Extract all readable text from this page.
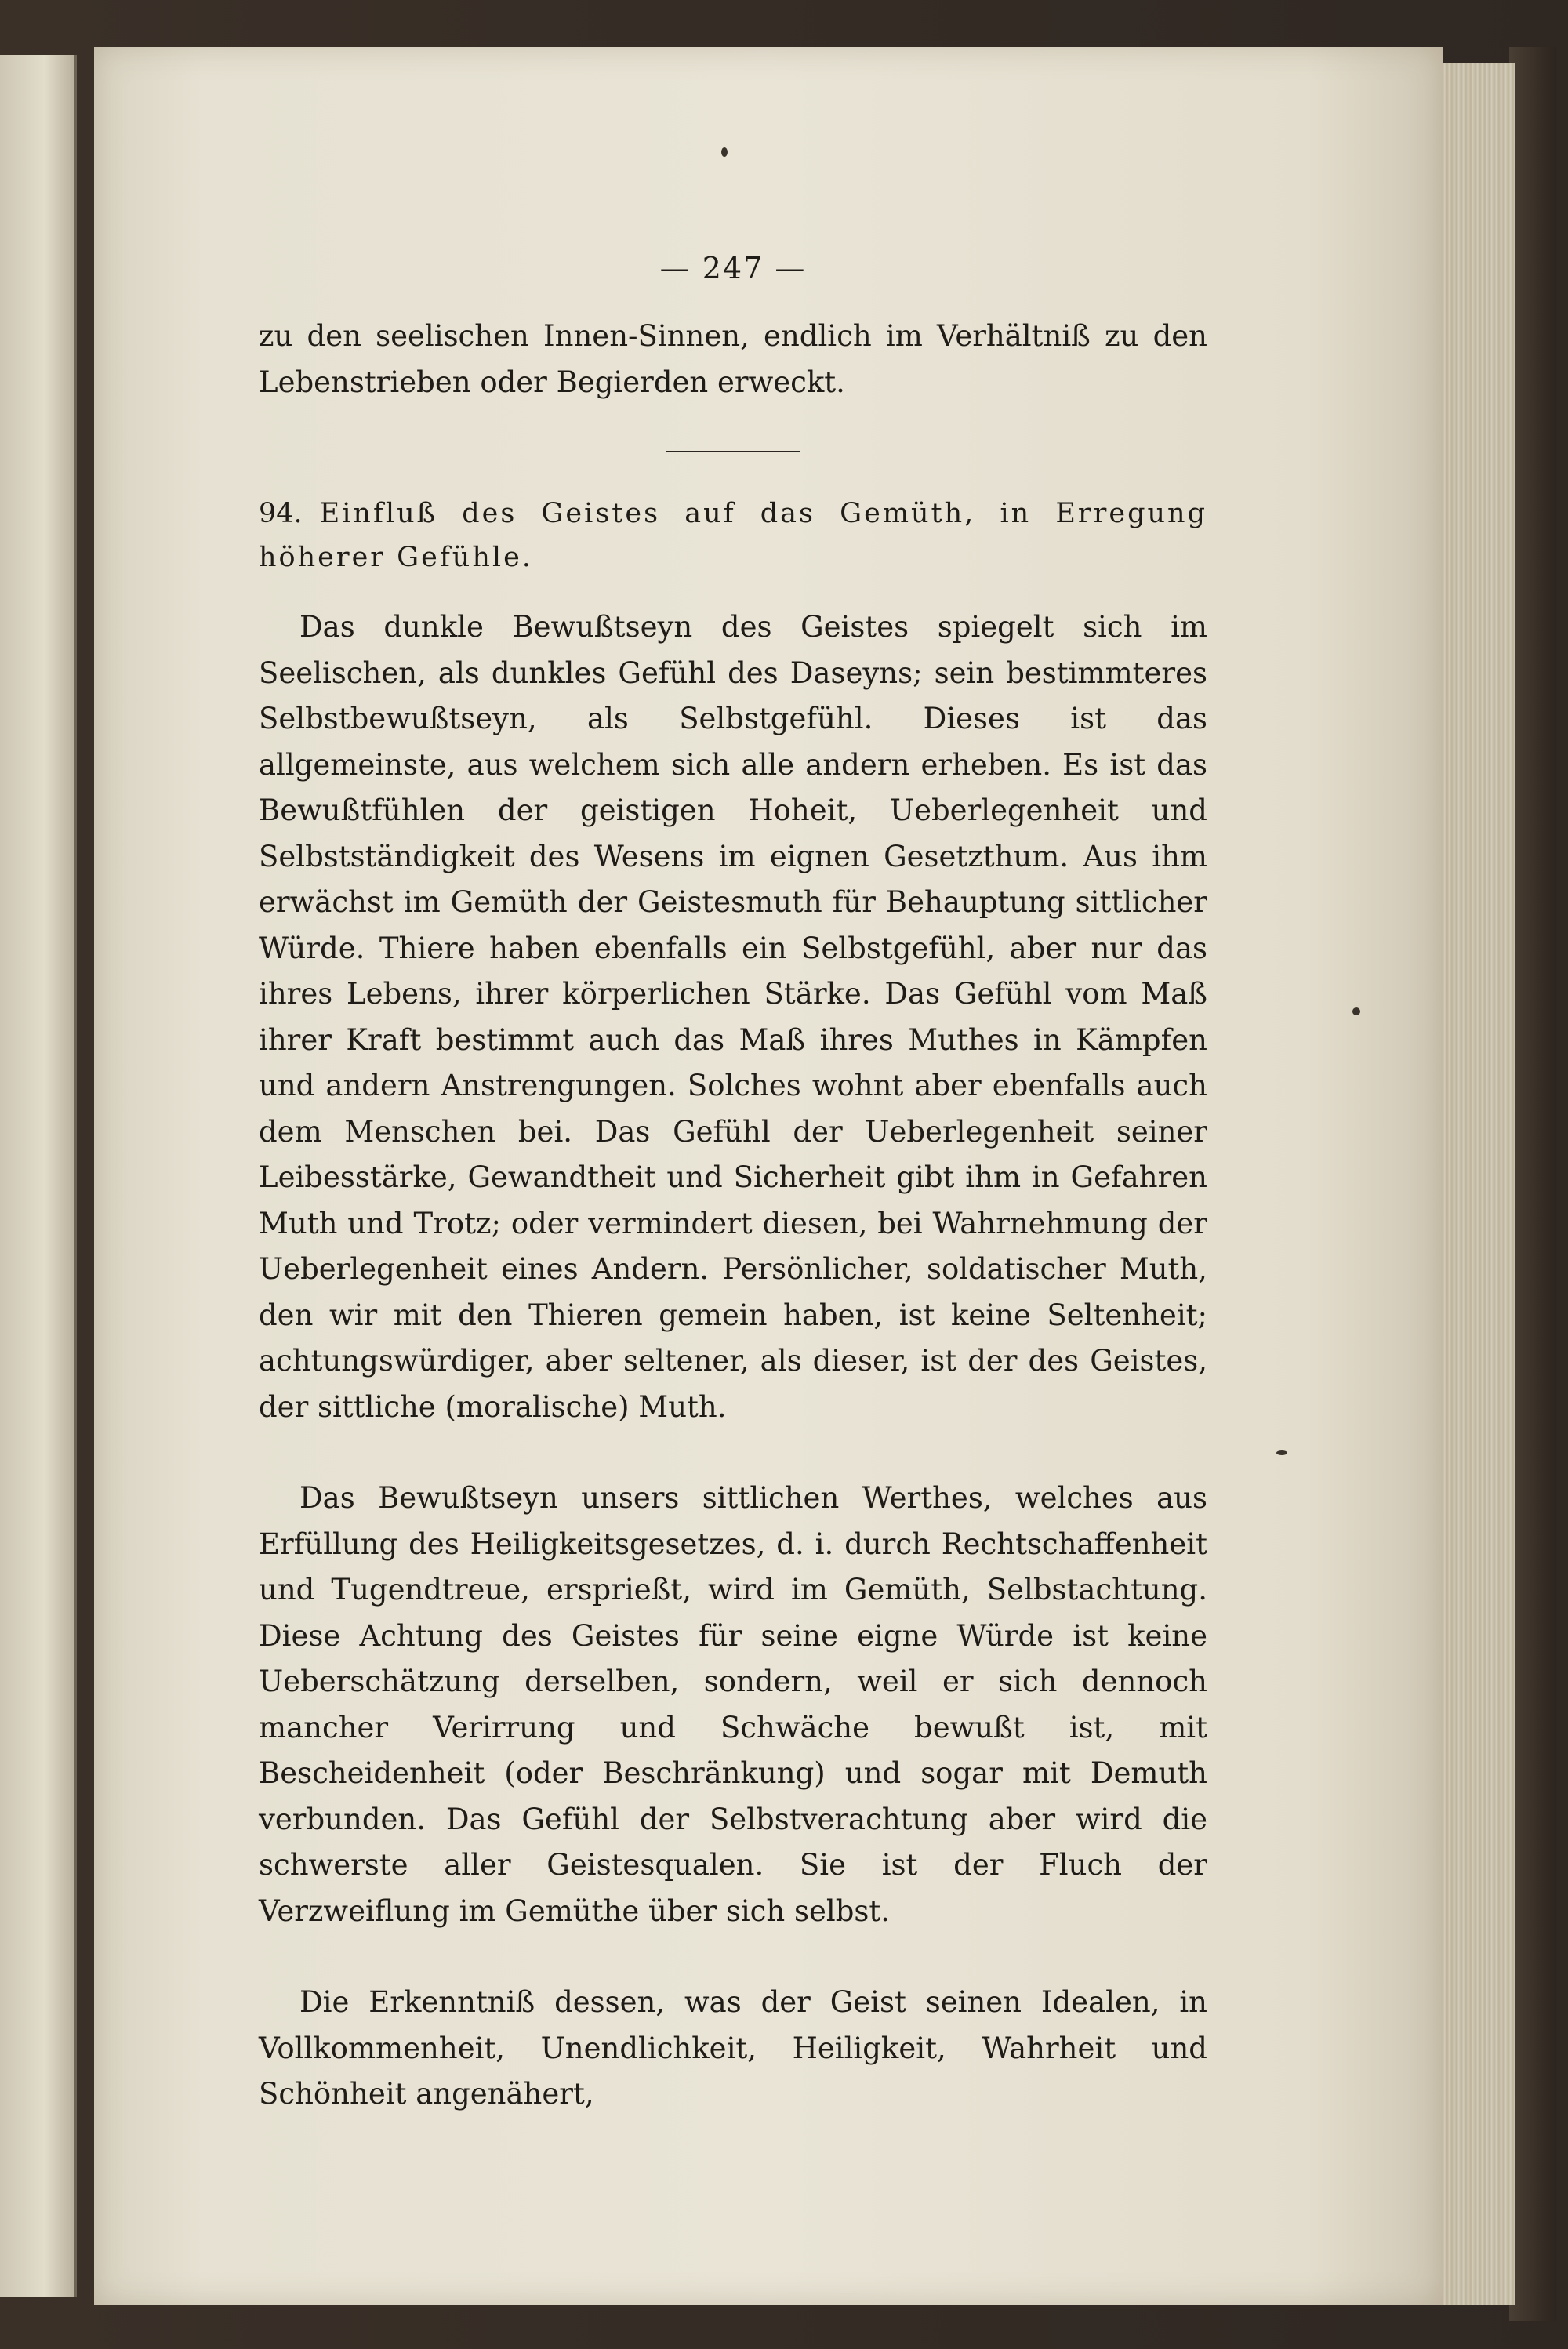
— 247 —

zu den seelischen Innen-Sinnen, endlich im Verhältniß zu den Lebenstrieben oder Begierden erweckt.

94. Einfluß des Geistes auf das Gemüth, in Erregung höherer Gefühle.

Das dunkle Bewußtseyn des Geistes spiegelt sich im Seelischen, als dunkles Gefühl des Daseyns; sein bestimmteres Selbstbewußtseyn, als Selbstgefühl. Dieses ist das allgemeinste, aus welchem sich alle andern erheben. Es ist das Bewußtfühlen der geistigen Hoheit, Ueberlegenheit und Selbstständigkeit des Wesens im eignen Gesetzthum. Aus ihm erwächst im Gemüth der Geistesmuth für Behauptung sittlicher Würde. Thiere haben ebenfalls ein Selbstgefühl, aber nur das ihres Lebens, ihrer körperlichen Stärke. Das Gefühl vom Maß ihrer Kraft bestimmt auch das Maß ihres Muthes in Kämpfen und andern Anstrengungen. Solches wohnt aber ebenfalls auch dem Menschen bei. Das Gefühl der Ueberlegenheit seiner Leibesstärke, Gewandtheit und Sicherheit gibt ihm in Gefahren Muth und Trotz; oder vermindert diesen, bei Wahrnehmung der Ueberlegenheit eines Andern. Persönlicher, soldatischer Muth, den wir mit den Thieren gemein haben, ist keine Seltenheit; achtungswürdiger, aber seltener, als dieser, ist der des Geistes, der sittliche (moralische) Muth.

Das Bewußtseyn unsers sittlichen Werthes, welches aus Erfüllung des Heiligkeitsgesetzes, d. i. durch Rechtschaffenheit und Tugendtreue, ersprießt, wird im Gemüth, Selbstachtung. Diese Achtung des Geistes für seine eigne Würde ist keine Ueberschätzung derselben, sondern, weil er sich dennoch mancher Verirrung und Schwäche bewußt ist, mit Bescheidenheit (oder Beschränkung) und sogar mit Demuth verbunden. Das Gefühl der Selbstverachtung aber wird die schwerste aller Geistesqualen. Sie ist der Fluch der Verzweiflung im Gemüthe über sich selbst.

Die Erkenntniß dessen, was der Geist seinen Idealen, in Vollkommenheit, Unendlichkeit, Heiligkeit, Wahrheit und Schönheit angenähert,
